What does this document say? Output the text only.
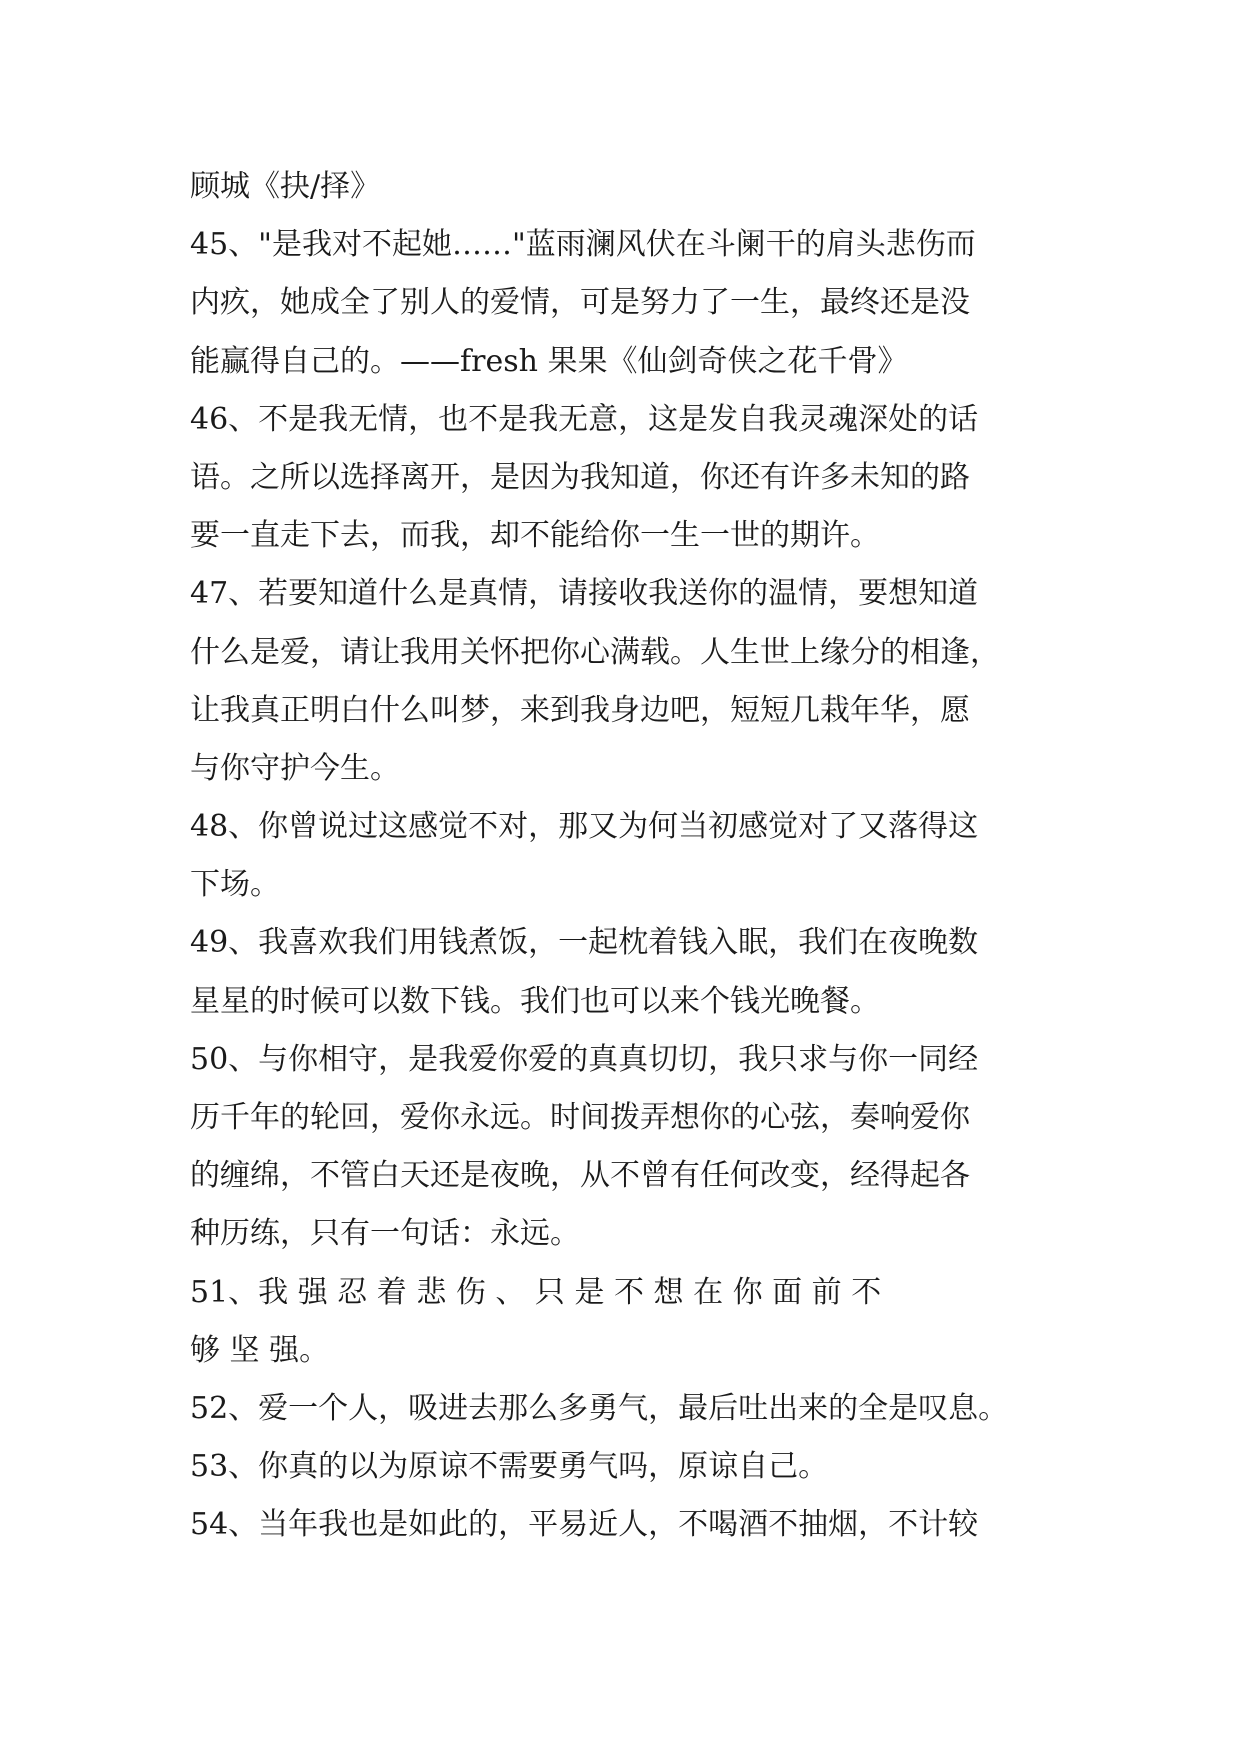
顾城《抉/择》
45、"是我对不起她……"蓝雨澜风伏在斗阑干的肩头悲伤而
内疚，她成全了别人的爱情，可是努力了一生，最终还是没
能赢得自己的。——fresh 果果《仙剑奇侠之花千骨》
46、不是我无情，也不是我无意，这是发自我灵魂深处的话
语。之所以选择离开，是因为我知道，你还有许多未知的路
要一直走下去，而我，却不能给你一生一世的期许。
47、若要知道什么是真情，请接收我送你的温情，要想知道
什么是爱，请让我用关怀把你心满载。人生世上缘分的相逢，
让我真正明白什么叫梦，来到我身边吧，短短几栽年华，愿
与你守护今生。
48、你曾说过这感觉不对，那又为何当初感觉对了又落得这
下场。
49、我喜欢我们用钱煮饭，一起枕着钱入眠，我们在夜晚数
星星的时候可以数下钱。我们也可以来个钱光晚餐。
50、与你相守，是我爱你爱的真真切切，我只求与你一同经
历千年的轮回，爱你永远。时间拨弄想你的心弦，奏响爱你
的缠绵，不管白天还是夜晚，从不曾有任何改变，经得起各
种历练，只有一句话：永远。
51、我 强 忍 着 悲 伤 、 只 是 不 想 在 你 面 前 不
够 坚 强。
52、爱一个人，吸进去那么多勇气，最后吐出来的全是叹息。
53、你真的以为原谅不需要勇气吗，原谅自己。
54、当年我也是如此的，平易近人，不喝酒不抽烟，不计较
